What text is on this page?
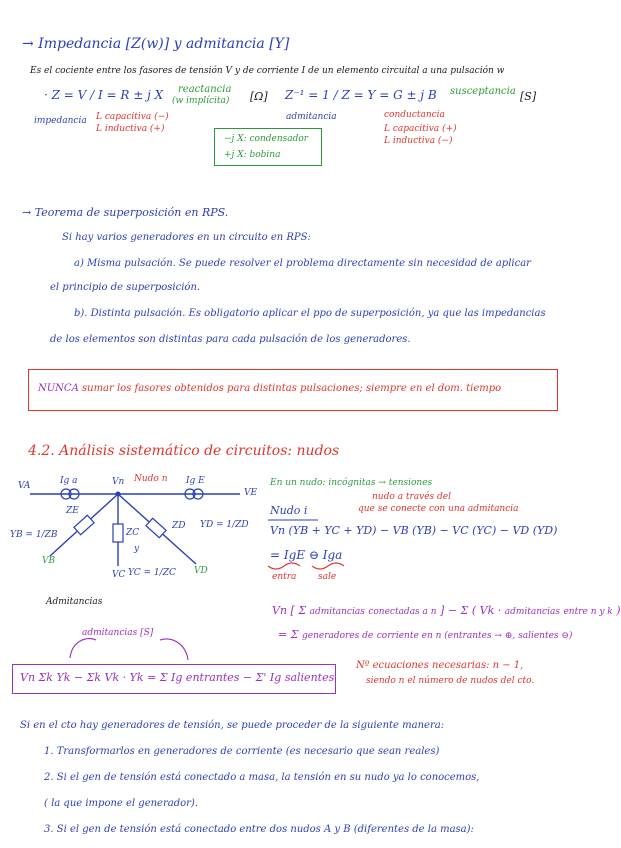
→ Impedancia [Z(w)] y admitancia [Y]
Es el cociente entre los fasores de tensión V y de corriente I de un elemento circuital a una pulsación w
· Z = V / I = R ± j X reactancia
(w implícita) [Ω] Z⁻¹ = 1 / Z = Y = G ± j B susceptancia [S]
impedancia	admitancia
L capacitiva (−)
L inductiva (+)
−j X: condensador
+j X: bobina
conductancia
L capacitiva (+)
L inductiva (−)
→ Teorema de superposición en RPS.
Si hay varios generadores en un circuito en RPS:
a) Misma pulsación. Se puede resolver el problema directamente sin necesidad de aplicar
el principio de superposición.
b). Distinta pulsación. Es obligatorio aplicar el ppo de superposición, ya que las impedancias
de los elementos son distintas para cada pulsación de los generadores.
NUNCA sumar los fasores obtenidos para distintas pulsaciones; siempre en el dom. tiempo
4.2. Análisis sistemático de circuitos: nudos
VA	Ig a	Vn Nudo n Ig E
VE
ZE
YB = 1/ZB	ZC
y
ZD YD = 1/ZD
VB
VC YC = 1/ZC VD
Admitancias
En un nudo: incógnitas → tensiones
nudo a través del
que se conecte con una admitancia
Nudo i
Vn (YB + YC + YD) − VB (YB) − VC (YC) − VD (YD)
= IgE ⊖ Iga
entra sale
Vn [ Σ admitancias conectadas a n ] − Σ ( Vk · admitancias entre n y k )
= Σ generadores de corriente en n (entrantes → ⊕, salientes ⊖)
admitancias [S]
Vn Σk Yk − Σk Vk · Yk = Σ Ig entrantes − Σ' Ig salientes
Nº ecuaciones necesarias: n − 1,
siendo n el número de nudos del cto.
Si en el cto hay generadores de tensión, se puede proceder de la siguiente manera:
1. Transformarlos en generadores de corriente (es necesario que sean reales)
2. Si el gen de tensión está conectado a masa, la tensión en su nudo ya lo conocemos,
( la que impone el generador).
3. Si el gen de tensión está conectado entre dos nudos A y B (diferentes de la masa):
